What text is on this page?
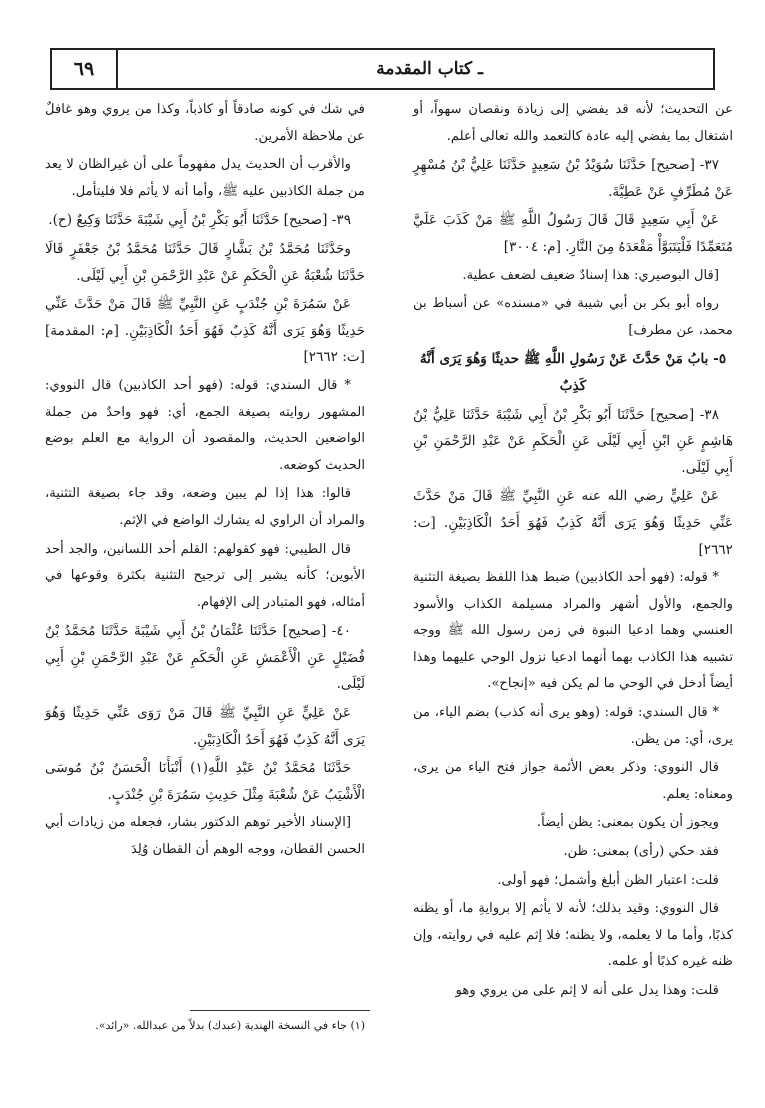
ـ كتاب المقدمة
٦٩

عن التحديث؛ لأنه قد يفضي إلى زيادة ونقصان سهواً، أو اشتغال بما يفضي إليه عادة كالتعمد والله تعالى أعلم.

٣٧- [صحيح] حَدَّثَنَا سُوَيْدُ بْنُ سَعِيدٍ حَدَّثَنَا عَلِيُّ بْنُ مُسْهِرٍ عَنْ مُطَرِّفٍ عَنْ عَطِيَّةَ.

عَنْ أَبِي سَعِيدٍ قَالَ قَالَ رَسُولُ اللَّهِ ﷺ مَنْ كَذَبَ عَلَيَّ مُتَعَمِّدًا فَلْيَتَبَوَّأْ مَقْعَدَهُ مِنَ النَّارِ. [م: ٣٠٠٤]

[قال البوصيري: هذا إسنادٌ ضعيف لضعف عطية.

رواه أبو بكر بن أبي شيبة في «مسنده» عن أسباط بن محمد، عن مطرف]

٥- بابُ مَنْ حَدَّثَ عَنْ رَسُولِ اللَّهِ ﷺ حديثًا وَهُوَ يَرَى أَنَّهُ كَذِبٌ

٣٨- [صحيح] حَدَّثَنَا أَبُو بَكْرِ بْنُ أَبِي شَيْبَةَ حَدَّثَنَا عَلِيُّ بْنُ هَاشِمٍ عَنِ ابْنِ أَبِي لَيْلَى عَنِ الْحَكَمِ عَنْ عَبْدِ الرَّحْمَنِ بْنِ أَبِي لَيْلَى.

عَنْ عَلِيٍّ رضي الله عنه عَنِ النَّبِيِّ ﷺ قَالَ مَنْ حَدَّثَ عَنِّي حَدِيثًا وَهُوَ يَرَى أَنَّهُ كَذِبٌ فَهُوَ أَحَدُ الْكَاذِبَيْنِ. [ت: ٢٦٦٢]

* قوله: (فهو أحد الكاذبين) ضبط هذا اللفظ بصيغة التثنية والجمع، والأول أشهر والمراد مسيلمة الكذاب والأسود العنسي وهما ادعيا النبوة في زمن رسول الله ﷺ ووجه تشبيه هذا الكاذب بهما أنهما ادعيا نزول الوحي عليهما وهذا أيضاً أدخل في الوحي ما لم يكن فيه «إنجاح».

* قال السندي: قوله: (وهو يرى أنه كذب) بضم الياء، من يرى، أي: من يظن.

قال النووي: وذكر بعض الأئمة جواز فتح الياء من يرى، ومعناه: يعلم.

ويجوز أن يكون بمعنى: يظن أيضاً.

فقد حكي (رأى) بمعنى: ظن.

قلت: اعتبار الظن أبلغ وأشمل؛ فهو أولى.

قال النووي: وقيد بذلك؛ لأنه لا يأثم إلا بروايةِ ما، أو يظنه كذبًا، وأما ما لا يعلمه، ولا يظنه؛ فلا إثم عليه في روايته، وإن ظنه غيره كذبًا أو علمه.

قلت: وهذا يدل على أنه لا إثم على من يروي وهو

في شك في كونه صادقاً أو كاذباً، وكذا من يروي وهو غافلٌ عن ملاحظة الأمرين.

والأقرب أن الحديث يدل مفهوماً على أن غيرالظان لا يعد من جملة الكاذبين عليه ﷺ، وأما أنه لا يأثم فلا فليتأمل.

٣٩- [صحيح] حَدَّثَنَا أَبُو بَكْرِ بْنُ أَبِي شَيْبَةَ حَدَّثَنَا وَكِيعٌ (ح).

وحَدَّثَنَا مُحَمَّدُ بْنُ بَشَّارٍ قَالَ حَدَّثَنَا مُحَمَّدُ بْنُ جَعْفَرٍ قَالَا حَدَّثَنَا شُعْبَةُ عَنِ الْحَكَمِ عَنْ عَبْدِ الرَّحْمَنِ بْنِ أَبِي لَيْلَى.

عَنْ سَمُرَةَ بْنِ جُنْدَبٍ عَنِ النَّبِيِّ ﷺ قَالَ مَنْ حَدَّثَ عَنِّي حَدِيثًا وَهُوَ يَرَى أَنَّهُ كَذِبٌ فَهُوَ أَحَدُ الْكَاذِبَيْنِ. [م: المقدمة] [ت: ٢٦٦٢]

* قال السندي: قوله: (فهو أحد الكاذبين) قال النووي: المشهور روايته بصيغة الجمع، أي: فهو واحدٌ من جملة الواضعين الحديث، والمقصود أن الرواية مع العلم بوضع الحديث كوضعه.

قالوا: هذا إذا لم يبين وضعه، وقد جاء بصيغة التثنية، والمراد أن الراوي له يشارك الواضع في الإثم.

قال الطيبي: فهو كقولهم: القلم أحد اللسانين، والجد أحد الأبوين؛ كأنه يشير إلى ترجيح التثنية بكثرة وقوعها في أمثاله، فهو المتبادر إلى الإفهام.

٤٠- [صحيح] حَدَّثَنَا عُثْمَانُ بْنُ أَبِي شَيْبَةَ حَدَّثَنَا مُحَمَّدُ بْنُ فُضَيْلٍ عَنِ الْأَعْمَشِ عَنِ الْحَكَمِ عَنْ عَبْدِ الرَّحْمَنِ بْنِ أَبِي لَيْلَى.

عَنْ عَلِيٍّ عَنِ النَّبِيِّ ﷺ قَالَ مَنْ رَوَى عَنِّي حَدِيثًا وَهُوَ يَرَى أَنَّهُ كَذِبٌ فَهُوَ أَحَدُ الْكَاذِبَيْنِ.

حَدَّثَنَا مُحَمَّدُ بْنُ عَبْدِ اللَّهِ(١) أَنْبَأَنَا الْحَسَنُ بْنُ مُوسَى الْأَشْيَبُ عَنْ شُعْبَةَ مِثْلَ حَدِيثِ سَمُرَةَ بْنِ جُنْدَبٍ.

[الإسناد الأخير توهم الدكتور بشار، فجعله من زيادات أبي الحسن القطان، ووجه الوهم أن القطان وُلِدَ

(١) جاء في النسخة الهندية (عبدك) بدلاً من عبدالله. «رائد».
